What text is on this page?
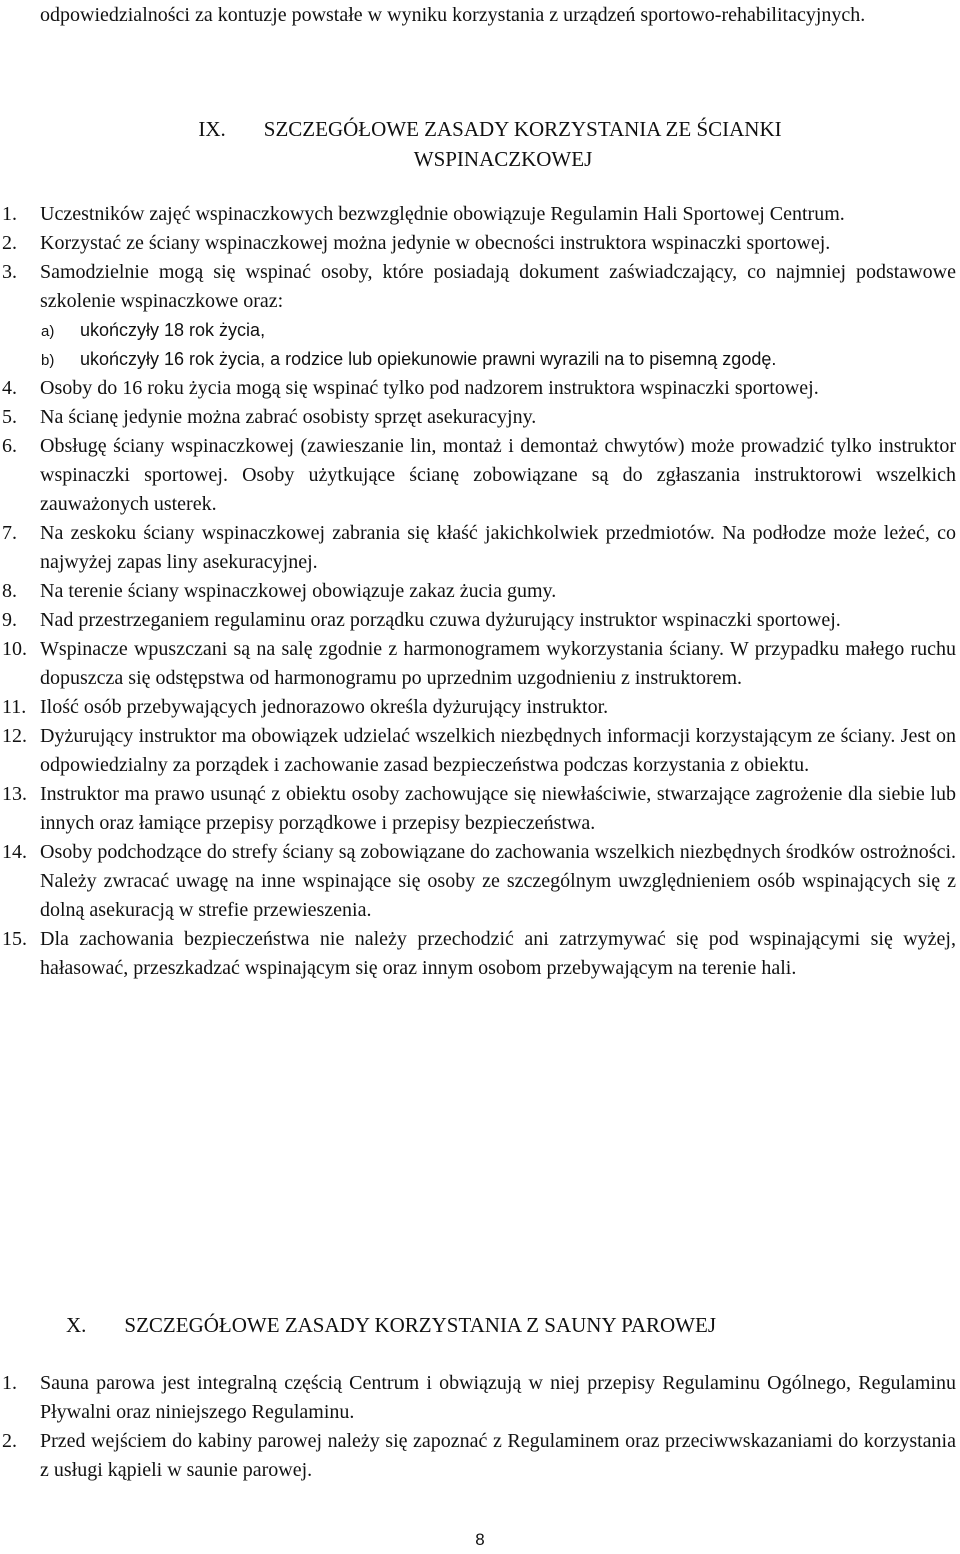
odpowiedzialności za kontuzje powstałe w wyniku korzystania z urządzeń sportowo-rehabilitacyjnych.

IX. SZCZEGÓŁOWE ZASADY KORZYSTANIA ZE ŚCIANKI
WSPINACZKOWEJ
1.	Uczestników zajęć wspinaczkowych bezwzględnie obowiązuje Regulamin Hali Sportowej Centrum.
2.	Korzystać ze ściany wspinaczkowej można jedynie w obecności instruktora wspinaczki sportowej.
3.	Samodzielnie mogą się wspinać osoby, które posiadają dokument zaświadczający, co najmniej podstawowe szkolenie wspinaczkowe oraz:
a) ukończyły 18 rok życia,
b) ukończyły 16 rok życia, a rodzice lub opiekunowie prawni wyrazili na to pisemną zgodę.
4.	Osoby do 16 roku życia mogą się wspinać tylko pod nadzorem instruktora wspinaczki sportowej.
5.	Na ścianę jedynie można zabrać osobisty sprzęt asekuracyjny.
6.	Obsługę ściany wspinaczkowej (zawieszanie lin, montaż i demontaż chwytów) może prowadzić tylko instruktor wspinaczki sportowej. Osoby użytkujące ścianę zobowiązane są do zgłaszania instruktorowi wszelkich zauważonych usterek.
7.	Na zeskoku ściany wspinaczkowej zabrania się kłaść jakichkolwiek przedmiotów. Na podłodze może leżeć, co najwyżej zapas liny asekuracyjnej.
8.	Na terenie ściany wspinaczkowej obowiązuje zakaz żucia gumy.
9.	Nad przestrzeganiem regulaminu oraz porządku czuwa dyżurujący instruktor wspinaczki sportowej.
10. Wspinacze wpuszczani są na salę zgodnie z harmonogramem wykorzystania ściany. W przypadku małego ruchu dopuszcza się odstępstwa od harmonogramu po uprzednim uzgodnieniu z instruktorem.
11. Ilość osób przebywających jednorazowo określa dyżurujący instruktor.
12. Dyżurujący instruktor ma obowiązek udzielać wszelkich niezbędnych informacji korzystającym ze ściany. Jest on odpowiedzialny za porządek i zachowanie zasad bezpieczeństwa podczas korzystania z obiektu.
13. Instruktor ma prawo usunąć z obiektu osoby zachowujące się niewłaściwie, stwarzające zagrożenie dla siebie lub innych oraz łamiące przepisy porządkowe i przepisy bezpieczeństwa.
14. Osoby podchodzące do strefy ściany są zobowiązane do zachowania wszelkich niezbędnych środków ostrożności. Należy zwracać uwagę na inne wspinające się osoby ze szczególnym uwzględnieniem osób wspinających się z dolną asekuracją w strefie przewieszenia.
15. Dla zachowania bezpieczeństwa nie należy przechodzić ani zatrzymywać się pod wspinającymi się wyżej, hałasować, przeszkadzać wspinającym się oraz innym osobom przebywającym na terenie hali.
X. SZCZEGÓŁOWE ZASADY KORZYSTANIA Z SAUNY PAROWEJ
1.	Sauna parowa jest integralną częścią Centrum i obwiązują w niej przepisy Regulaminu Ogólnego, Regulaminu Pływalni oraz niniejszego Regulaminu.
2.	Przed wejściem do kabiny parowej należy się zapoznać z Regulaminem oraz przeciwwskazaniami do korzystania z usługi kąpieli w saunie parowej.
8
